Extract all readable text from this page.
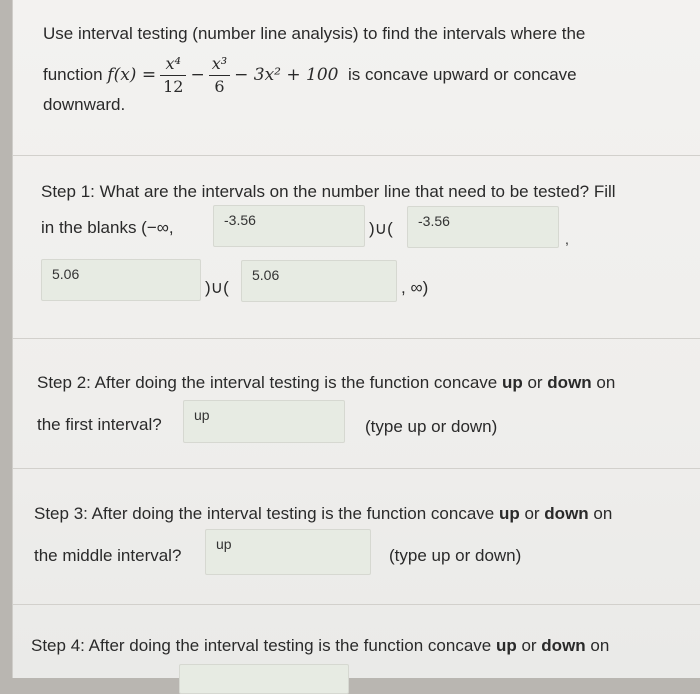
Use interval testing (number line analysis) to find the intervals where the
function
$f(x) = \frac{\text{x⁴}}{12} - \frac{\text{x³}}{6} - 3x^2 + 100$
is concave upward or concave
downward.
Step 1: What are the intervals on the number line that need to be tested? Fill
in the blanks (−∞,	-3.56	)∪(	-3.56
,
5.06
)∪(
5.06
, ∞)
Step 2: After doing the interval testing is the function concave up or down on
the first interval?	up
(type up or down)
Step 3: After doing the interval testing is the function concave up or down on
the middle interval?
up
(type up or down)
Step 4: After doing the interval testing is the function concave up or down on
